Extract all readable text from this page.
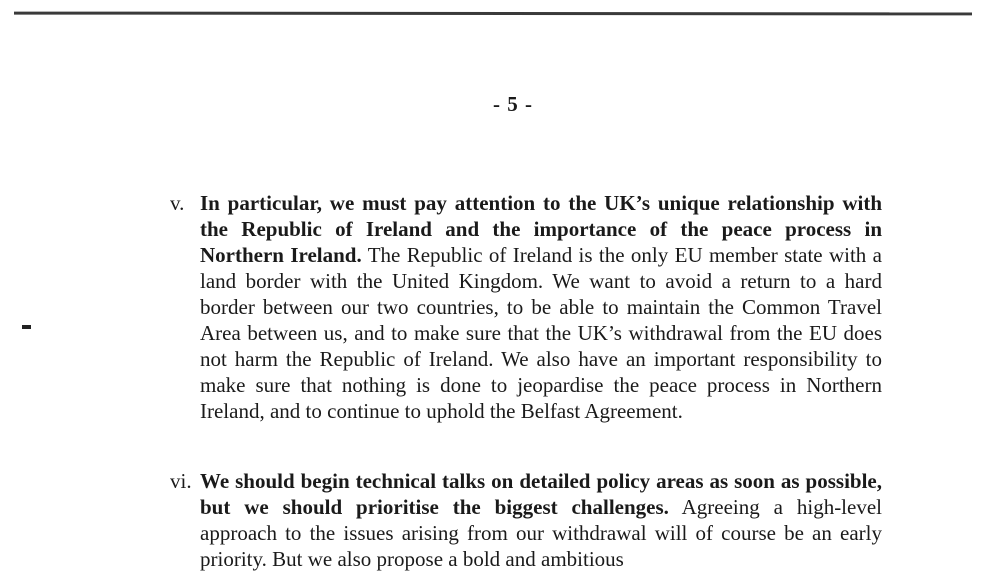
- 5 -
v. In particular, we must pay attention to the UK’s unique relationship with the Republic of Ireland and the importance of the peace process in Northern Ireland. The Republic of Ireland is the only EU member state with a land border with the United Kingdom. We want to avoid a return to a hard border between our two countries, to be able to maintain the Common Travel Area between us, and to make sure that the UK’s withdrawal from the EU does not harm the Republic of Ireland. We also have an important responsibility to make sure that nothing is done to jeopardise the peace process in Northern Ireland, and to continue to uphold the Belfast Agreement.
vi. We should begin technical talks on detailed policy areas as soon as possible, but we should prioritise the biggest challenges. Agreeing a high-level approach to the issues arising from our withdrawal will of course be an early priority. But we also propose a bold and ambitious
